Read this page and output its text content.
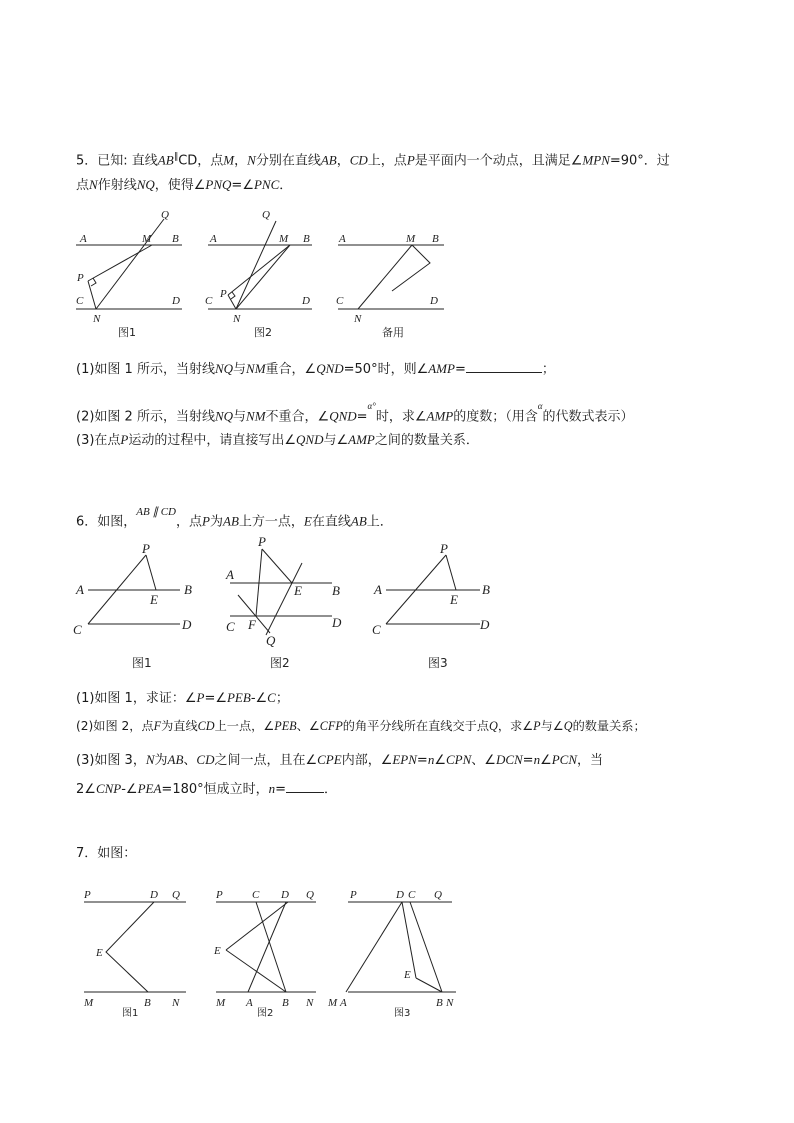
5．已知: 直线AB∥CD，点M，N分别在直线AB，CD上，点P是平面内一个动点，且满足∠MPN=90°．过
点N作射线NQ，使得∠PNQ=∠PNC．
A	M B
Q
P
C	D
N
图1
A	M B
Q
P
C	D
N
图2
A	M B
C	D
N
备用
(1)如图 1 所示，当射线NQ与NM重合，∠QND=50°时，则∠AMP=	；
(2)如图 2 所示，当射线NQ与NM不重合，∠QND=$^{\alpha^\circ}$时，求∠AMP的度数；（用含$^\alpha$的代数式表示）
(3)在点P运动的过程中，请直接写出∠QND与∠AMP之间的数量关系．
6．如图，$^{AB \parallel CD}$，点P为AB上方一点，E在直线AB上．
P
A	B
E
C	D
图1
P
A
B
E
C F	D
Q
图2
P
A	B
E
C	D
图3
(1)如图 1，求证：∠P=∠PEB-∠C；
(2)如图 2，点F为直线CD上一点，∠PEB、∠CFP的角平分线所在直线交于点Q，求∠P与∠Q的数量关系；
(3)如图 3，N为AB、CD之间一点，且在∠CPE内部，∠EPN=n∠CPN、∠DCN=n∠PCN，当
2∠CNP-∠PEA=180°恒成立时，n=	．
7．如图：
P	D Q
E
M	B N
图1
P	C D Q
E
M A	B N
图2
P	D C Q
E
M A	B N
图3
